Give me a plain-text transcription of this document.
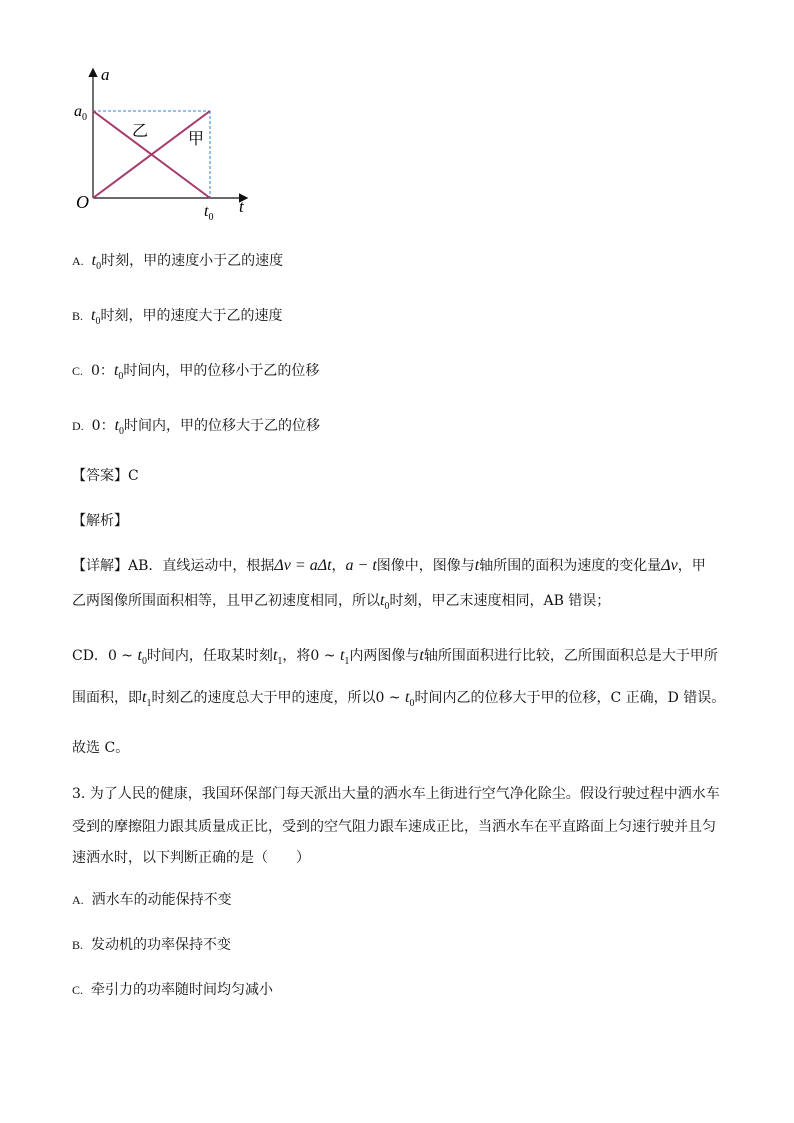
a
$a_0$
乙 甲
O	$t_0$
t
A. $t_0$时刻，甲的速度小于乙的速度
B. $t_0$时刻，甲的速度大于乙的速度
C. 0：$t_0$时间内，甲的位移小于乙的位移
D. 0：$t_0$时间内，甲的位移大于乙的位移
【答案】C
【解析】
【详解】AB．直线运动中，根据Δv = aΔt，a − t图像中，图像与t轴所围的面积为速度的变化量Δv，甲
乙两图像所围面积相等，且甲乙初速度相同，所以$t_0$时刻，甲乙末速度相同，AB 错误；
CD．0 ~ $t_0$时间内，任取某时刻$t_1$，将0 ~ $t_1$内两图像与t轴所围面积进行比较，乙所围面积总是大于甲所
围面积，即$t_1$时刻乙的速度总大于甲的速度，所以0 ~ $t_0$时间内乙的位移大于甲的位移，C 正确，D 错误。
故选 C。
3. 为了人民的健康，我国环保部门每天派出大量的洒水车上街进行空气净化除尘。假设行驶过程中洒水车
受到的摩擦阻力跟其质量成正比，受到的空气阻力跟车速成正比，当洒水车在平直路面上匀速行驶并且匀
速洒水时，以下判断正确的是（　　）
A. 洒水车的动能保持不变
B. 发动机的功率保持不变
C. 牵引力的功率随时间均匀减小
